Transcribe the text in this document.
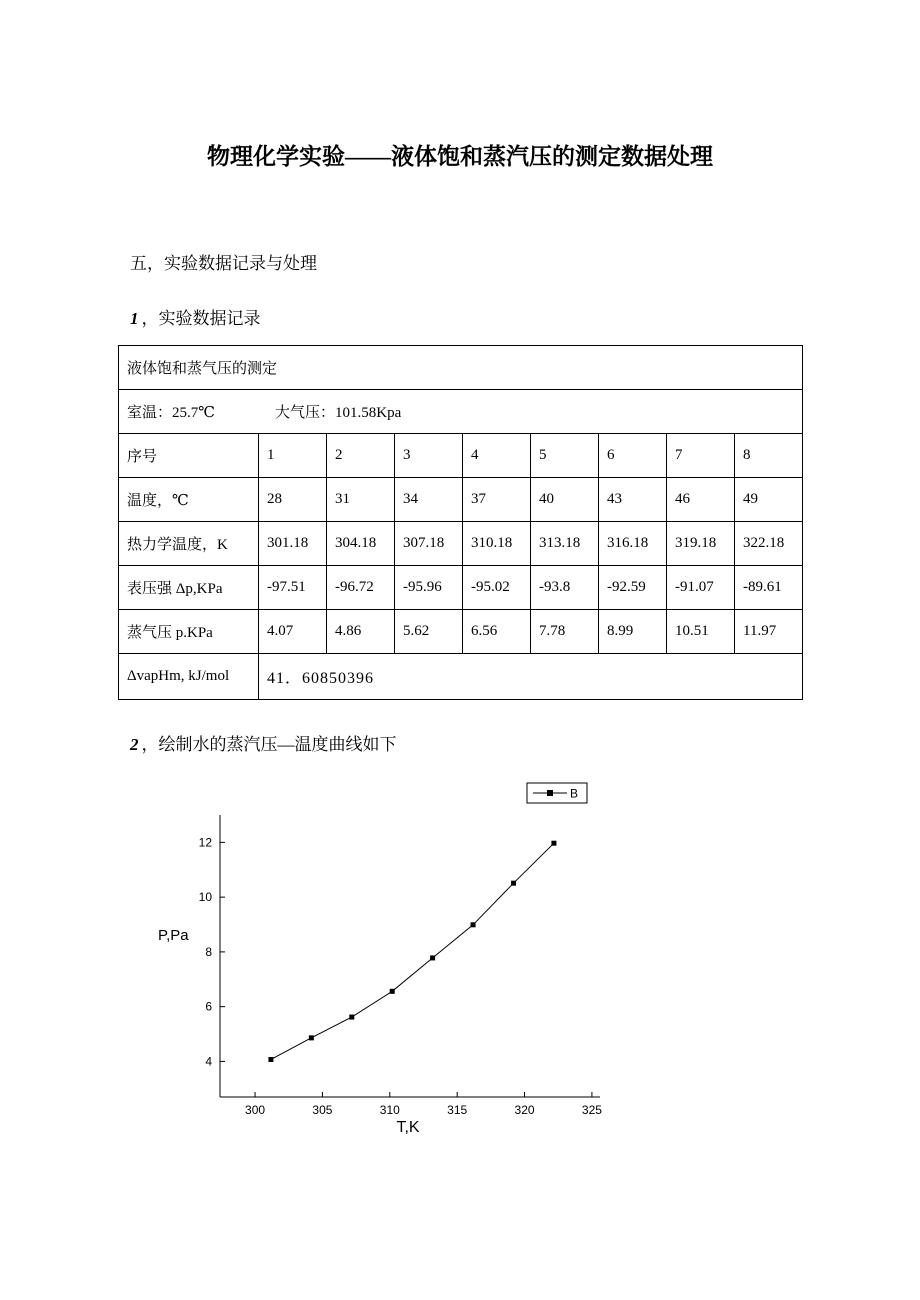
物理化学实验——液体饱和蒸汽压的测定数据处理

五，实验数据记录与处理

1 ，实验数据记录

液体饱和蒸气压的测定								
室温：25.7℃ 大气压：101.58Kpa								
序号	1	2	3	4	5	6	7	8
温度，℃	28	31	34	37	40	43	46	49
热力学温度，K	301.18	304.18	307.18	310.18	313.18	316.18	319.18	322.18
表压强 Δp,KPa	-97.51	-96.72	-95.96	-95.02	-93.8	-92.59	-91.07	-89.61
蒸气压 p.KPa	4.07	4.86	5.62	6.56	7.78	8.99	10.51	11.97
ΔvapHm, kJ/mol	41．60850396							

2 ，绘制水的蒸汽压—温度曲线如下

300	305	310	315	320	325
4
6
8
10
12
P,Pa
T,K
B
